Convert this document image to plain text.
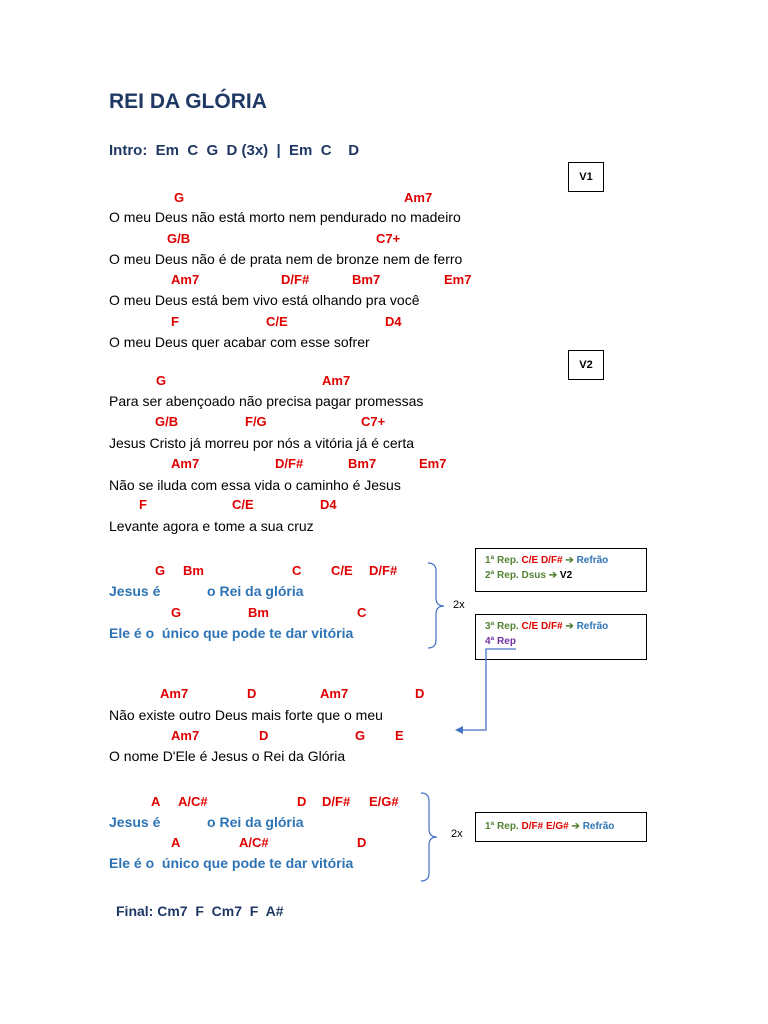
REI DA GLÓRIA
Intro:  Em  C  G  D (3x)  |  Em  C    D
V1
G	Am7
O meu Deus não está morto nem pendurado no madeiro
G/B	C7+
O meu Deus não é de prata nem de bronze nem de ferro
Am7	D/F#	Bm7	Em7
O meu Deus está bem vivo está olhando pra você
F	C/E	D4
O meu Deus quer acabar com esse sofrer
V2
G	Am7
Para ser abençoado não precisa pagar promessas
G/B	F/G	C7+
Jesus Cristo já morreu por nós a vitória já é certa
Am7	D/F#	Bm7	Em7
Não se iluda com essa vida o caminho é Jesus
F	C/E	D4
Levante agora e tome a sua cruz
G Bm	C C/E D/F#
Jesus é            o Rei da glória
G	Bm	C
Ele é o  único que pode te dar vitória
2x
1ª Rep. C/E D/F# ➔ Refrão
2ª Rep. Dsus ➔ V2
3ª Rep. C/E D/F# ➔ Refrão
4ª Rep
Am7	D	Am7	D
Não existe outro Deus mais forte que o meu
Am7	D	G E
O nome D'Ele é Jesus o Rei da Glória
A A/C#	D D/F# E/G#
Jesus é            o Rei da glória
A	A/C#	D
Ele é o  único que pode te dar vitória
2x
1ª Rep. D/F# E/G# ➔ Refrão
Final: Cm7  F  Cm7  F  A#
